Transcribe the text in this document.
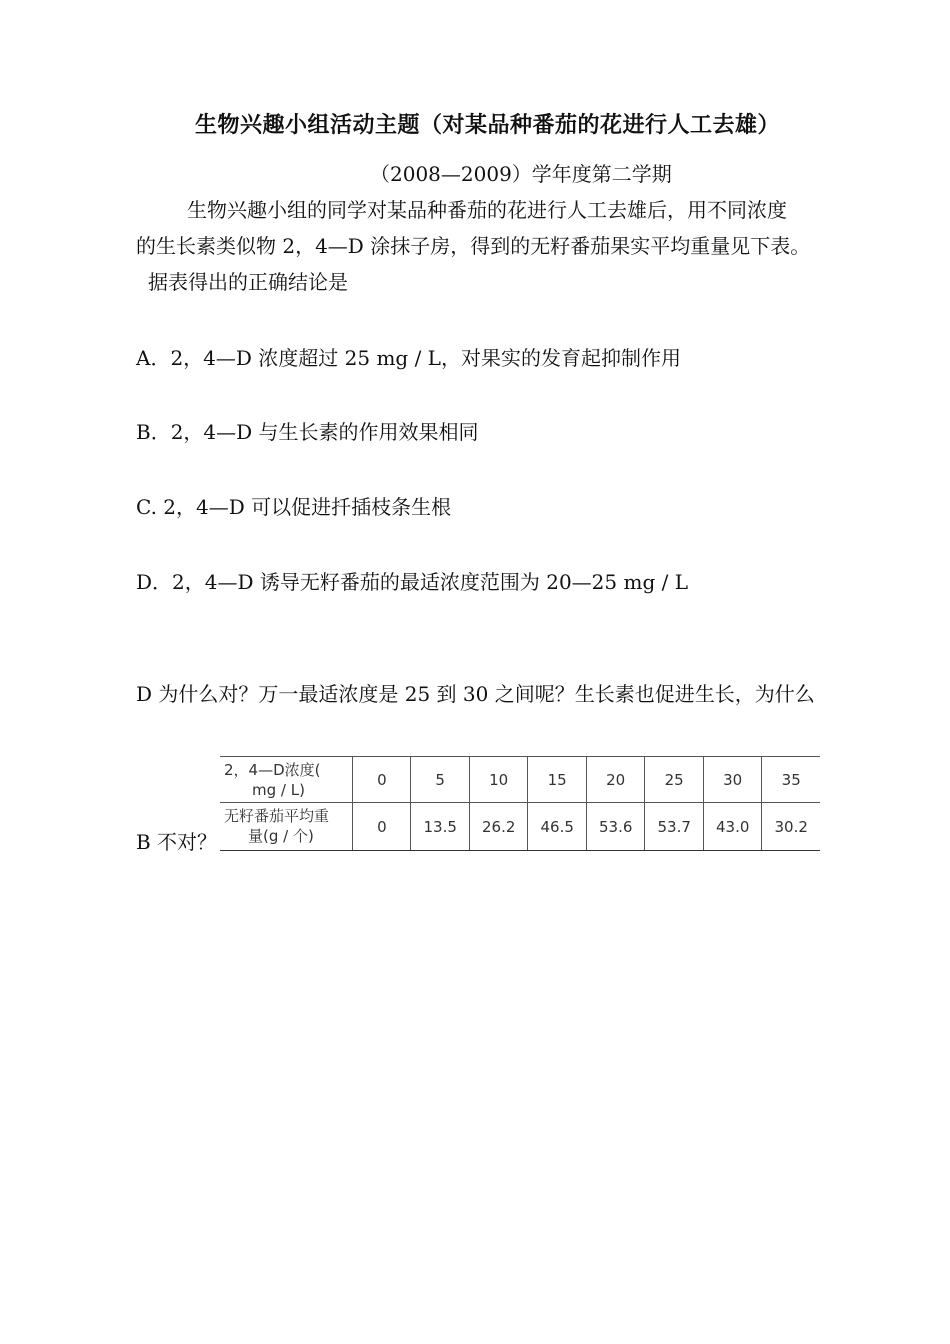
生物兴趣小组活动主题（对某品种番茄的花进行人工去雄）
（2008—2009）学年度第二学期
生物兴趣小组的同学对某品种番茄的花进行人工去雄后，用不同浓度
的生长素类似物 2，4—D 涂抹子房，得到的无籽番茄果实平均重量见下表。
据表得出的正确结论是
A．2，4—D 浓度超过 25 mg / L，对果实的发育起抑制作用
B．2，4—D 与生长素的作用效果相同
C. 2，4—D 可以促进扦插枝条生根
D．2，4—D 诱导无籽番茄的最适浓度范围为 20—25 mg / L
D 为什么对？万一最适浓度是 25 到 30 之间呢？生长素也促进生长，为什么
B 不对？
2，4—D浓度(
mg / L)	0	5	10	15	20	25	30	35

无籽番茄平均重
量(g / 个)	0	13.5	26.2	46.5	53.6	53.7	43.0	30.2
